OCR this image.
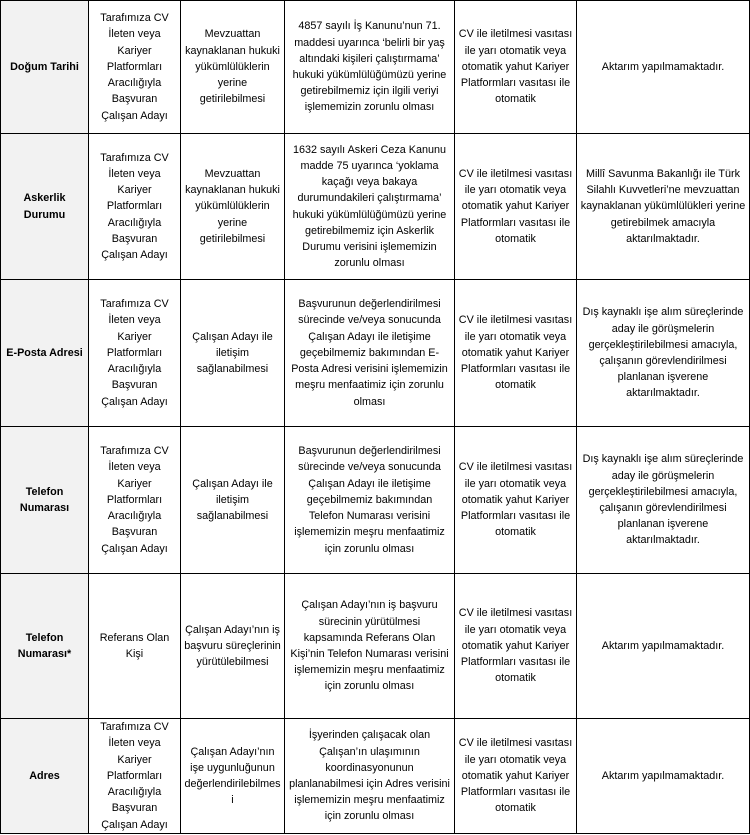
Doğum Tarihi	Tarafımıza CV İleten veya Kariyer Platformları Aracılığıyla Başvuran Çalışan Adayı	Mevzuattan kaynaklanan hukuki yükümlülüklerin yerine getirilebilmesi	4857 sayılı İş Kanunu’nun 71. maddesi uyarınca ‘belirli bir yaş altındaki kişileri çalıştırmama’ hukuki yükümlülüğümüzü yerine getirebilmemiz için ilgili veriyi işlememizin zorunlu olması	CV ile iletilmesi vasıtası ile yarı otomatik veya otomatik yahut Kariyer Platformları vasıtası ile otomatik	Aktarım yapılmamaktadır.
Askerlik Durumu	Tarafımıza CV İleten veya Kariyer Platformları Aracılığıyla Başvuran Çalışan Adayı	Mevzuattan kaynaklanan hukuki yükümlülüklerin yerine getirilebilmesi	1632 sayılı Askeri Ceza Kanunu madde 75 uyarınca ‘yoklama kaçağı veya bakaya durumundakileri çalıştırmama’ hukuki yükümlülüğümüzü yerine getirebilmemiz için Askerlik Durumu verisini işlememizin zorunlu olması	CV ile iletilmesi vasıtası ile yarı otomatik veya otomatik yahut Kariyer Platformları vasıtası ile otomatik	Millî Savunma Bakanlığı ile Türk Silahlı Kuvvetleri’ne mevzuattan kaynaklanan yükümlülükleri yerine getirebilmek amacıyla aktarılmaktadır.
E-Posta Adresi	Tarafımıza CV İleten veya Kariyer Platformları Aracılığıyla Başvuran Çalışan Adayı	Çalışan Adayı ile iletişim sağlanabilmesi	Başvurunun değerlendirilmesi sürecinde ve/veya sonucunda Çalışan Adayı ile iletişime geçebilmemiz bakımından E-Posta Adresi verisini işlememizin meşru menfaatimiz için zorunlu olması	CV ile iletilmesi vasıtası ile yarı otomatik veya otomatik yahut Kariyer Platformları vasıtası ile otomatik	Dış kaynaklı işe alım süreçlerinde aday ile görüşmelerin gerçekleştirilebilmesi amacıyla, çalışanın görevlendirilmesi planlanan işverene aktarılmaktadır.
Telefon Numarası	Tarafımıza CV İleten veya Kariyer Platformları Aracılığıyla Başvuran Çalışan Adayı	Çalışan Adayı ile iletişim sağlanabilmesi	Başvurunun değerlendirilmesi sürecinde ve/veya sonucunda Çalışan Adayı ile iletişime geçebilmemiz bakımından Telefon Numarası verisini işlememizin meşru menfaatimiz için zorunlu olması	CV ile iletilmesi vasıtası ile yarı otomatik veya otomatik yahut Kariyer Platformları vasıtası ile otomatik	Dış kaynaklı işe alım süreçlerinde aday ile görüşmelerin gerçekleştirilebilmesi amacıyla, çalışanın görevlendirilmesi planlanan işverene aktarılmaktadır.
Telefon Numarası*	Referans Olan Kişi	Çalışan Adayı’nın iş başvuru süreçlerinin yürütülebilmesi	Çalışan Adayı’nın iş başvuru sürecinin yürütülmesi kapsamında Referans Olan Kişi’nin Telefon Numarası verisini işlememizin meşru menfaatimiz için zorunlu olması	CV ile iletilmesi vasıtası ile yarı otomatik veya otomatik yahut Kariyer Platformları vasıtası ile otomatik	Aktarım yapılmamaktadır.
Adres	Tarafımıza CV İleten veya Kariyer Platformları Aracılığıyla Başvuran Çalışan Adayı	Çalışan Adayı’nın işe uygunluğunun değerlendirilebilmesi	İşyerinden çalışacak olan Çalışan’ın ulaşımının koordinasyonunun planlanabilmesi için Adres verisini işlememizin meşru menfaatimiz için zorunlu olması	CV ile iletilmesi vasıtası ile yarı otomatik veya otomatik yahut Kariyer Platformları vasıtası ile otomatik	Aktarım yapılmamaktadır.
